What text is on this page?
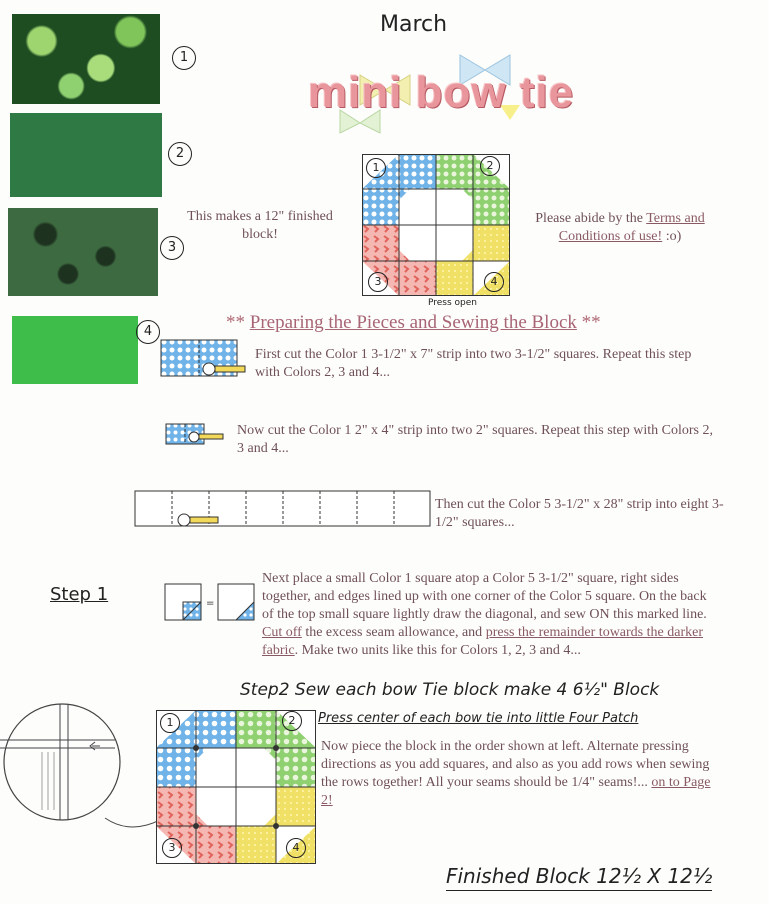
March
mini bow tie
1
2
3
4
This makes a 12" finished block!
Please abide by the Terms and Conditions of use! :o)
1	2
3	4
Press open
** Preparing the Pieces and Sewing the Block **
First cut the Color 1 3-1/2" x 7" strip into two 3-1/2" squares. Repeat this step with Colors 2, 3 and 4...
Now cut the Color 1 2" x 4" strip into two 2" squares. Repeat this step with Colors 2, 3 and 4...
Then cut the Color 5 3-1/2" x 28" strip into eight 3-1/2" squares...
Step 1	=
Next place a small Color 1 square atop a Color 5 3-1/2" square, right sides together, and edges lined up with one corner of the Color 5 square. On the back of the top small square lightly draw the diagonal, and sew ON this marked line. Cut off the excess seam allowance, and press the remainder towards the darker fabric. Make two units like this for Colors 1, 2, 3 and 4...
Step2 Sew each bow Tie block make 4 6½" Block
Press center of each bow tie into little Four Patch
Now piece the block in the order shown at left. Alternate pressing directions as you add squares, and also as you add rows when sewing the rows together! All your seams should be 1/4" seams!... on to Page 2!
1	2
3	4
Finished Block 12½ X 12½
